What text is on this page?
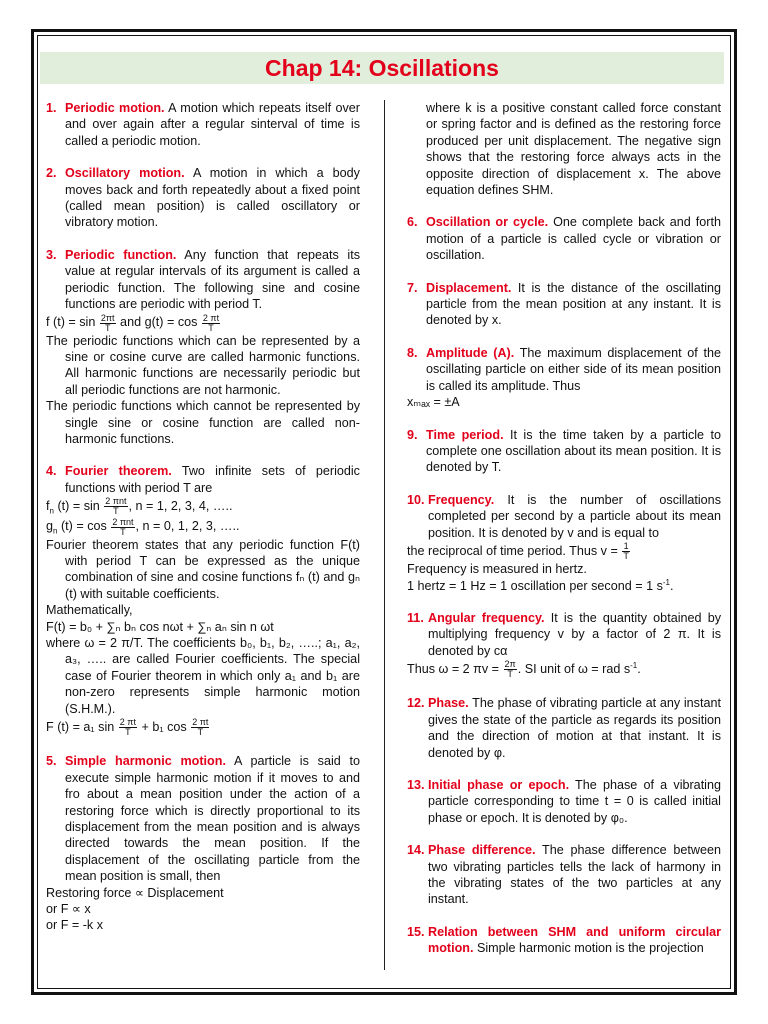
Chap 14: Oscillations
1. Periodic motion. A motion which repeats itself over and over again after a regular sinterval of time is called a periodic motion.
2. Oscillatory motion. A motion in which a body moves back and forth repeatedly about a fixed point (called mean position) is called oscillatory or vibratory motion.
3. Periodic function. Any function that repeats its value at regular intervals of its argument is called a periodic function. The following sine and cosine functions are periodic with period T.

f $(t) = \sin \frac{2\pi t}{T}$ and $g(t) = \cos \frac{2 \pi t}{T}$

The periodic functions which can be represented by a sine or cosine curve are called harmonic functions. All harmonic functions are necessarily periodic but all periodic functions are not harmonic.

The periodic functions which cannot be represented by single sine or cosine function are called non-harmonic functions.

4. Fourier theorem. Two infinite sets of periodic functions with period T are

$f_n$ $(t) = \sin \frac{\text{2 πnt}}{T}$ , n = 1, 2, 3, 4, …..

$g_n$ $(t) = \cos \frac{\text{2 πnt}}{T}$ , n = 0, 1, 2, 3, …..

Fourier theorem states that any periodic function F(t) with period T can be expressed as the unique combination of sine and cosine functions fₙ (t) and gₙ (t) with suitable coefficients.

Mathematically,

F(t) = b₀ + ∑ₙ bₙ cos nωt + ∑ₙ aₙ sin n ωt

where ω = 2 π/T. The coefficients b₀, b₁, b₂, …..; a₁, a₂, a₃, ….. are called Fourier coefficients. The special case of Fourier theorem in which only a₁ and b₁ are non-zero represents simple harmonic motion (S.H.M.).

F (t) = a₁ $\sin \frac{2 \pi t}{T} + b_1$ $\cos \frac{2 \pi t}{T}$

5. Simple harmonic motion. A particle is said to execute simple harmonic motion if it moves to and fro about a mean position under the action of a restoring force which is directly proportional to its displacement from the mean position and is always directed towards the mean position. If the displacement of the oscillating particle from the mean position is small, then

Restoring force ∝ Displacement

or F ∝ x

or F = -k x

where k is a positive constant called force constant or spring factor and is defined as the restoring force produced per unit displacement. The negative sign shows that the restoring force always acts in the opposite direction of displacement x. The above equation defines SHM.

6. Oscillation or cycle. One complete back and forth motion of a particle is called cycle or vibration or oscillation.
7. Displacement. It is the distance of the oscillating particle from the mean position at any instant. It is denoted by x.
8. Amplitude (A). The maximum displacement of the oscillating particle on either side of its mean position is called its amplitude. Thus

xₘₐₓ = ±A

9. Time period. It is the time taken by a particle to complete one oscillation about its mean position. It is denoted by T.
10. Frequency. It is the number of oscillations completed per second by a particle about its mean position. It is denoted by v and is equal to

the reciprocal of time period. Thus $v = \frac{1}{T}$

Frequency is measured in hertz.

1 hertz = 1 Hz = 1 oscillation per second = 1 $s^{-1}$.

11. Angular frequency. It is the quantity obtained by multiplying frequency v by a factor of 2 π. It is denoted by cα

Thus ω = 2 $\pi v = \frac{2\pi}{T}$ . SI unit of ω = rad $s^{-1}$.

12. Phase. The phase of vibrating particle at any instant gives the state of the particle as regards its position and the direction of motion at that instant. It is denoted by φ.
13. Initial phase or epoch. The phase of a vibrating particle corresponding to time t = 0 is called initial phase or epoch. It is denoted by φ₀.
14. Phase difference. The phase difference between two vibrating particles tells the lack of harmony in the vibrating states of the two particles at any instant.
15. Relation between SHM and uniform circular motion. Simple harmonic motion is the projection
